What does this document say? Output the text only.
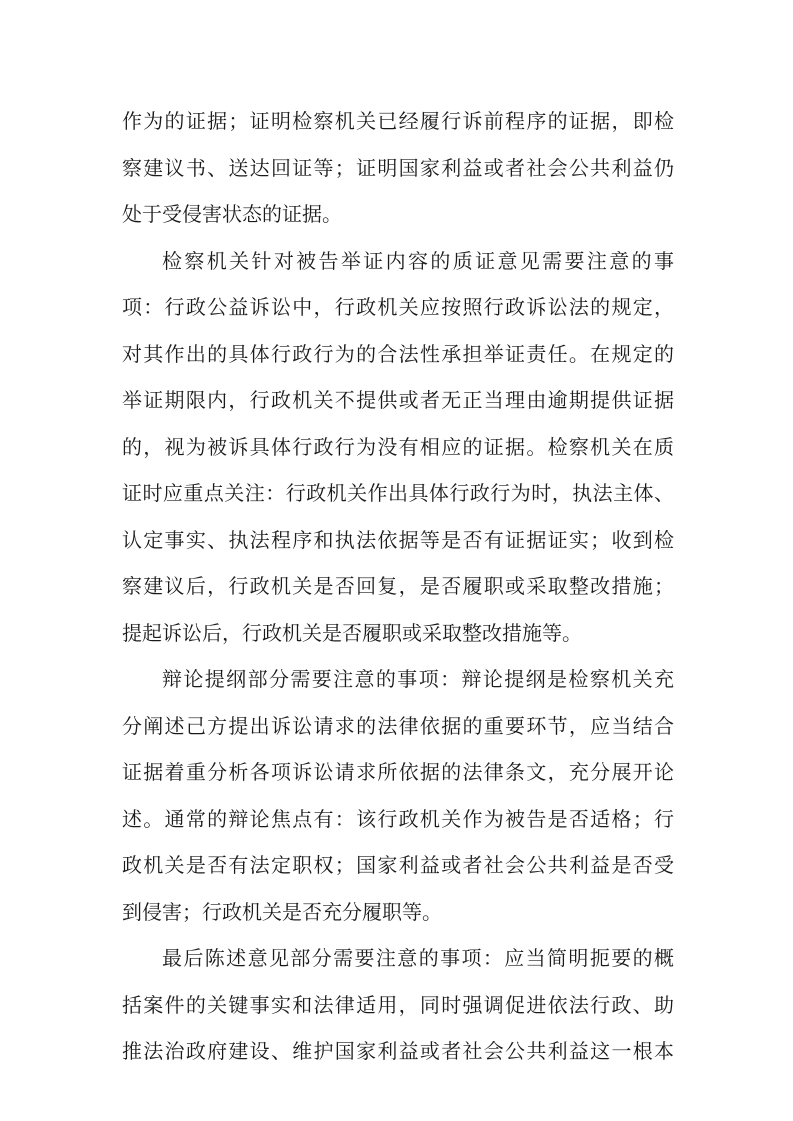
作为的证据；证明检察机关已经履行诉前程序的证据，即检
察建议书、送达回证等；证明国家利益或者社会公共利益仍
处于受侵害状态的证据。
检察机关针对被告举证内容的质证意见需要注意的事
项：行政公益诉讼中，行政机关应按照行政诉讼法的规定，
对其作出的具体行政行为的合法性承担举证责任。在规定的
举证期限内，行政机关不提供或者无正当理由逾期提供证据
的，视为被诉具体行政行为没有相应的证据。检察机关在质
证时应重点关注：行政机关作出具体行政行为时，执法主体、
认定事实、执法程序和执法依据等是否有证据证实；收到检
察建议后，行政机关是否回复，是否履职或采取整改措施；
提起诉讼后，行政机关是否履职或采取整改措施等。
辩论提纲部分需要注意的事项：辩论提纲是检察机关充
分阐述己方提出诉讼请求的法律依据的重要环节，应当结合
证据着重分析各项诉讼请求所依据的法律条文，充分展开论
述。通常的辩论焦点有：该行政机关作为被告是否适格；行
政机关是否有法定职权；国家利益或者社会公共利益是否受
到侵害；行政机关是否充分履职等。
最后陈述意见部分需要注意的事项：应当简明扼要的概
括案件的关键事实和法律适用，同时强调促进依法行政、助
推法治政府建设、维护国家利益或者社会公共利益这一根本
